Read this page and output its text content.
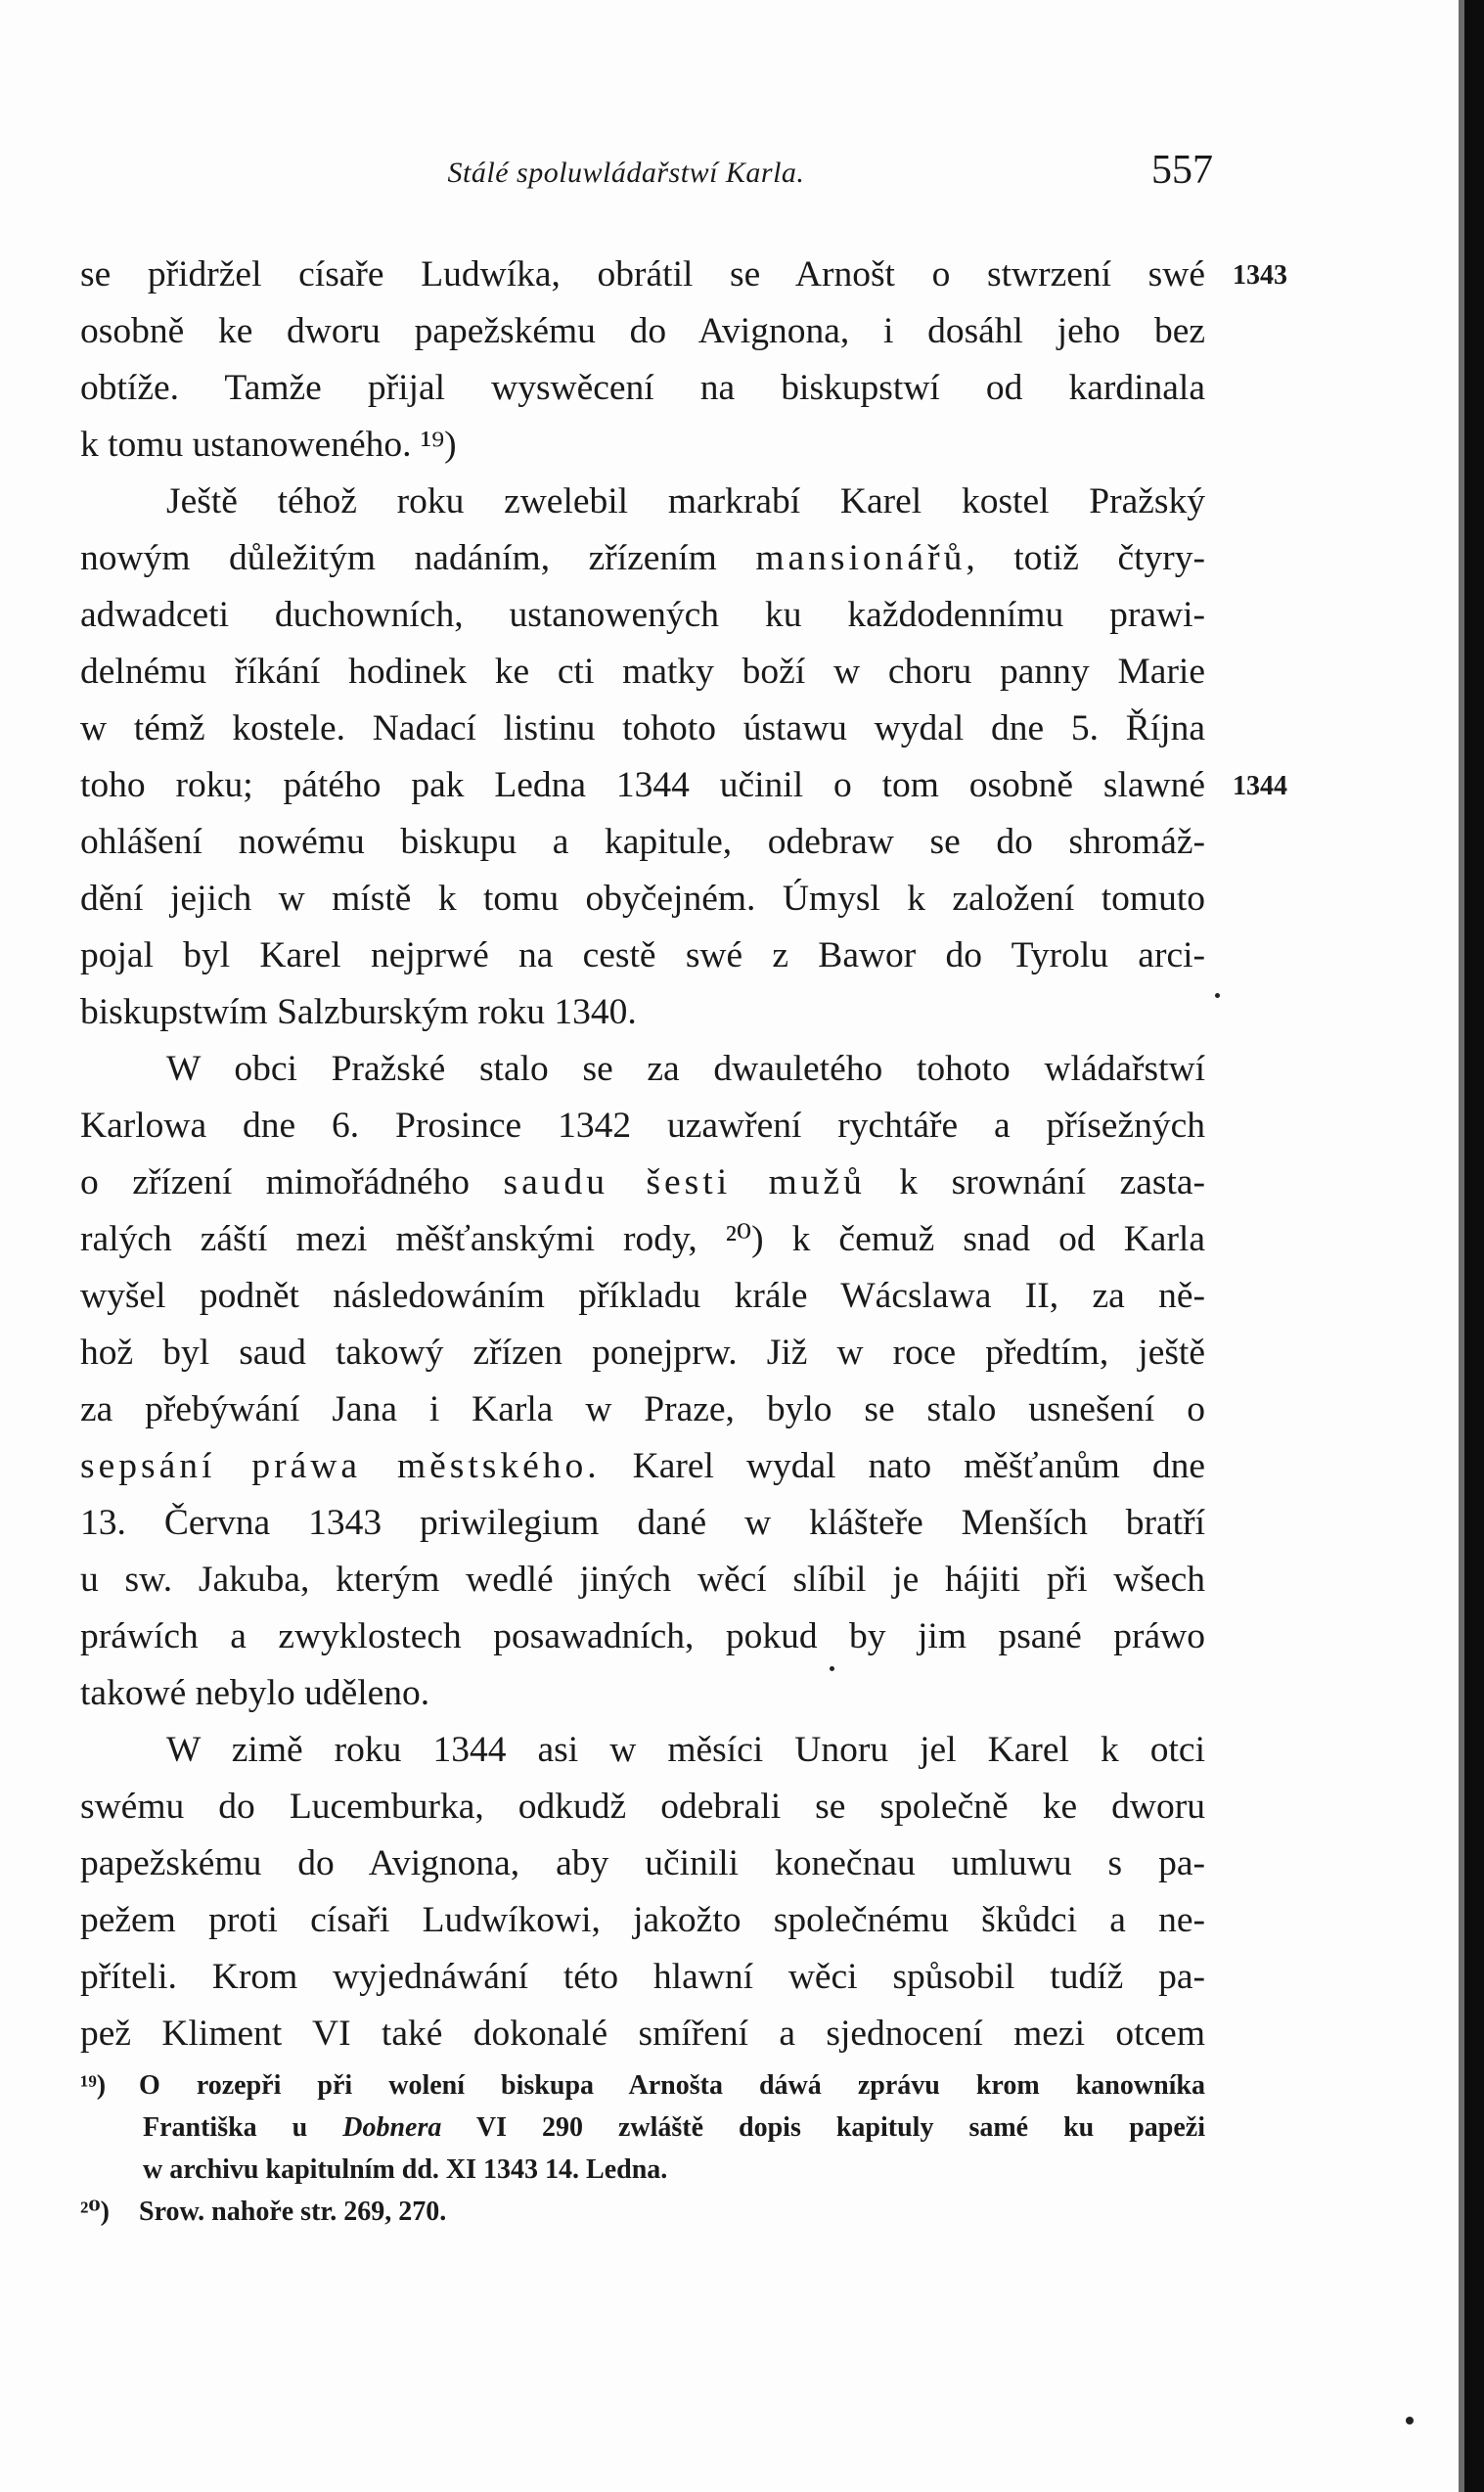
Stálé spoluwládařstwí Karla.	557
1343
1344
se přidržel císaře Ludwíka, obrátil se Arnošt o stwrzení swé
osobně ke dworu papežskému do Avignona, i dosáhl jeho bez
obtíže. Tamže přijal wyswěcení na biskupstwí od kardinala
k tomu ustanoweného. ¹⁹)
Ještě téhož roku zwelebil markrabí Karel kostel Pražský
nowým důležitým nadáním, zřízením mansionářů, totiž čtyry-
adwadceti duchowních, ustanowených ku každodennímu prawi-
delnému říkání hodinek ke cti matky boží w choru panny Marie
w témž kostele. Nadací listinu tohoto ústawu wydal dne 5. Října
toho roku; pátého pak Ledna 1344 učinil o tom osobně slawné
ohlášení nowému biskupu a kapitule, odebraw se do shromáž-
dění jejich w místě k tomu obyčejném. Úmysl k založení tomuto
pojal byl Karel nejprwé na cestě swé z Bawor do Tyrolu arci-
biskupstwím Salzburským roku 1340.
W obci Pražské stalo se za dwauletého tohoto wládařstwí
Karlowa dne 6. Prosince 1342 uzawření rychtáře a přísežných
o zřízení mimořádného saudu šesti mužů k srownání zasta-
ralých záští mezi měšťanskými rody, ²⁰) k čemuž snad od Karla
wyšel podnět následowáním příkladu krále Wácslawa II, za ně-
hož byl saud takowý zřízen ponejprw. Již w roce předtím, ještě
za přebýwání Jana i Karla w Praze, bylo se stalo usnešení o
sepsání práwa městského. Karel wydal nato měšťanům dne
13. Června 1343 priwilegium dané w klášteře Menších bratří
u sw. Jakuba, kterým wedlé jiných wěcí slíbil je hájiti při wšech
práwích a zwyklostech posawadních, pokud by jim psané práwo
takowé nebylo uděleno.
W zimě roku 1344 asi w měsíci Unoru jel Karel k otci
swému do Lucemburka, odkudž odebrali se společně ke dworu
papežskému do Avignona, aby učinili konečnau umluwu s pa-
pežem proti císaři Ludwíkowi, jakožto společnému škůdci a ne-
příteli. Krom wyjednáwání této hlawní wěci spůsobil tudíž pa-
pež Kliment VI také dokonalé smíření a sjednocení mezi otcem
¹⁹) O rozepři při wolení biskupa Arnošta dáwá zprávu krom kanowníka
Františka u Dobnera VI 290 zwláště dopis kapituly samé ku papeži
w archivu kapitulním dd. XI 1343 14. Ledna.
²⁰) Srow. nahoře str. 269, 270.
